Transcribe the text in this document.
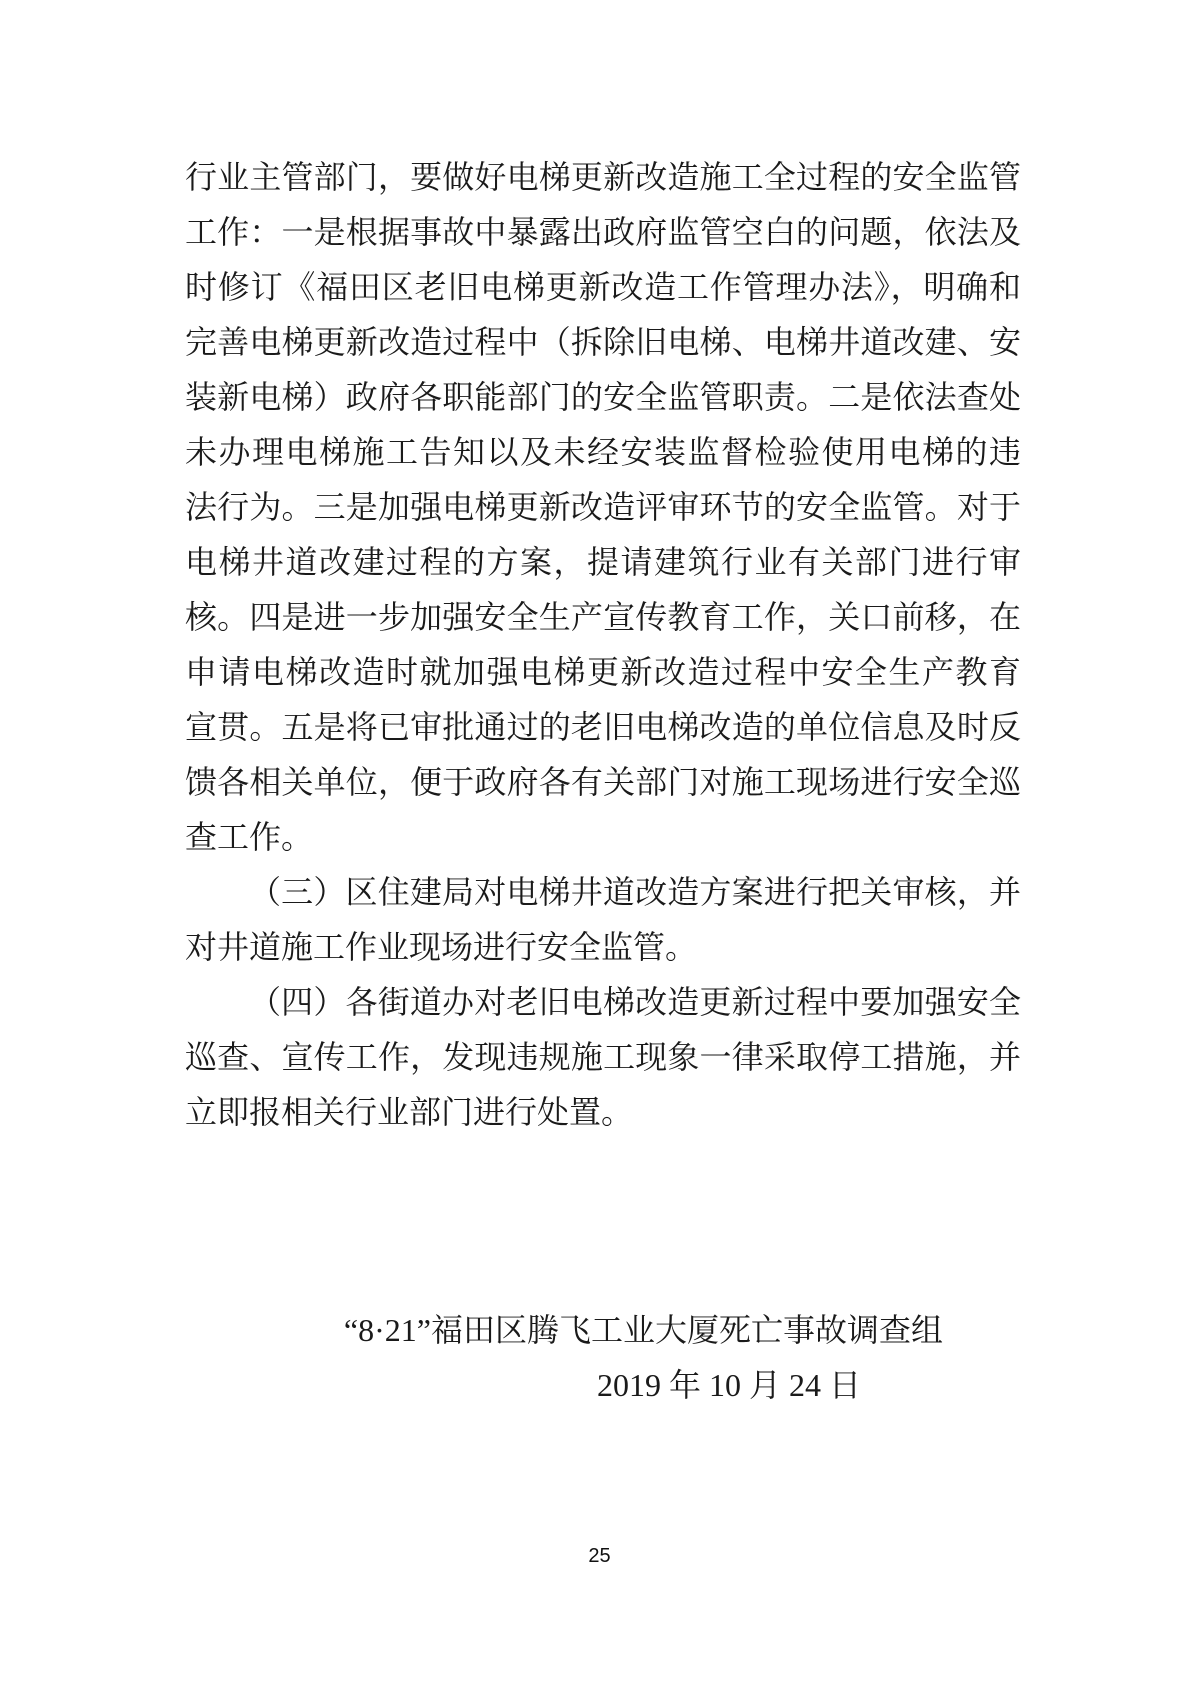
行业主管部门，要做好电梯更新改造施工全过程的安全监管
工作：一是根据事故中暴露出政府监管空白的问题，依法及
时修订《福田区老旧电梯更新改造工作管理办法》，明确和
完善电梯更新改造过程中（拆除旧电梯、电梯井道改建、安
装新电梯）政府各职能部门的安全监管职责。二是依法查处
未办理电梯施工告知以及未经安装监督检验使用电梯的违
法行为。三是加强电梯更新改造评审环节的安全监管。对于
电梯井道改建过程的方案，提请建筑行业有关部门进行审
核。四是进一步加强安全生产宣传教育工作，关口前移，在
申请电梯改造时就加强电梯更新改造过程中安全生产教育
宣贯。五是将已审批通过的老旧电梯改造的单位信息及时反
馈各相关单位，便于政府各有关部门对施工现场进行安全巡
查工作。
（三）区住建局对电梯井道改造方案进行把关审核，并
对井道施工作业现场进行安全监管。
（四）各街道办对老旧电梯改造更新过程中要加强安全
巡查、宣传工作，发现违规施工现象一律采取停工措施，并
立即报相关行业部门进行处置。
“8·21”福田区腾飞工业大厦死亡事故调查组
2019 年 10 月 24 日
25
